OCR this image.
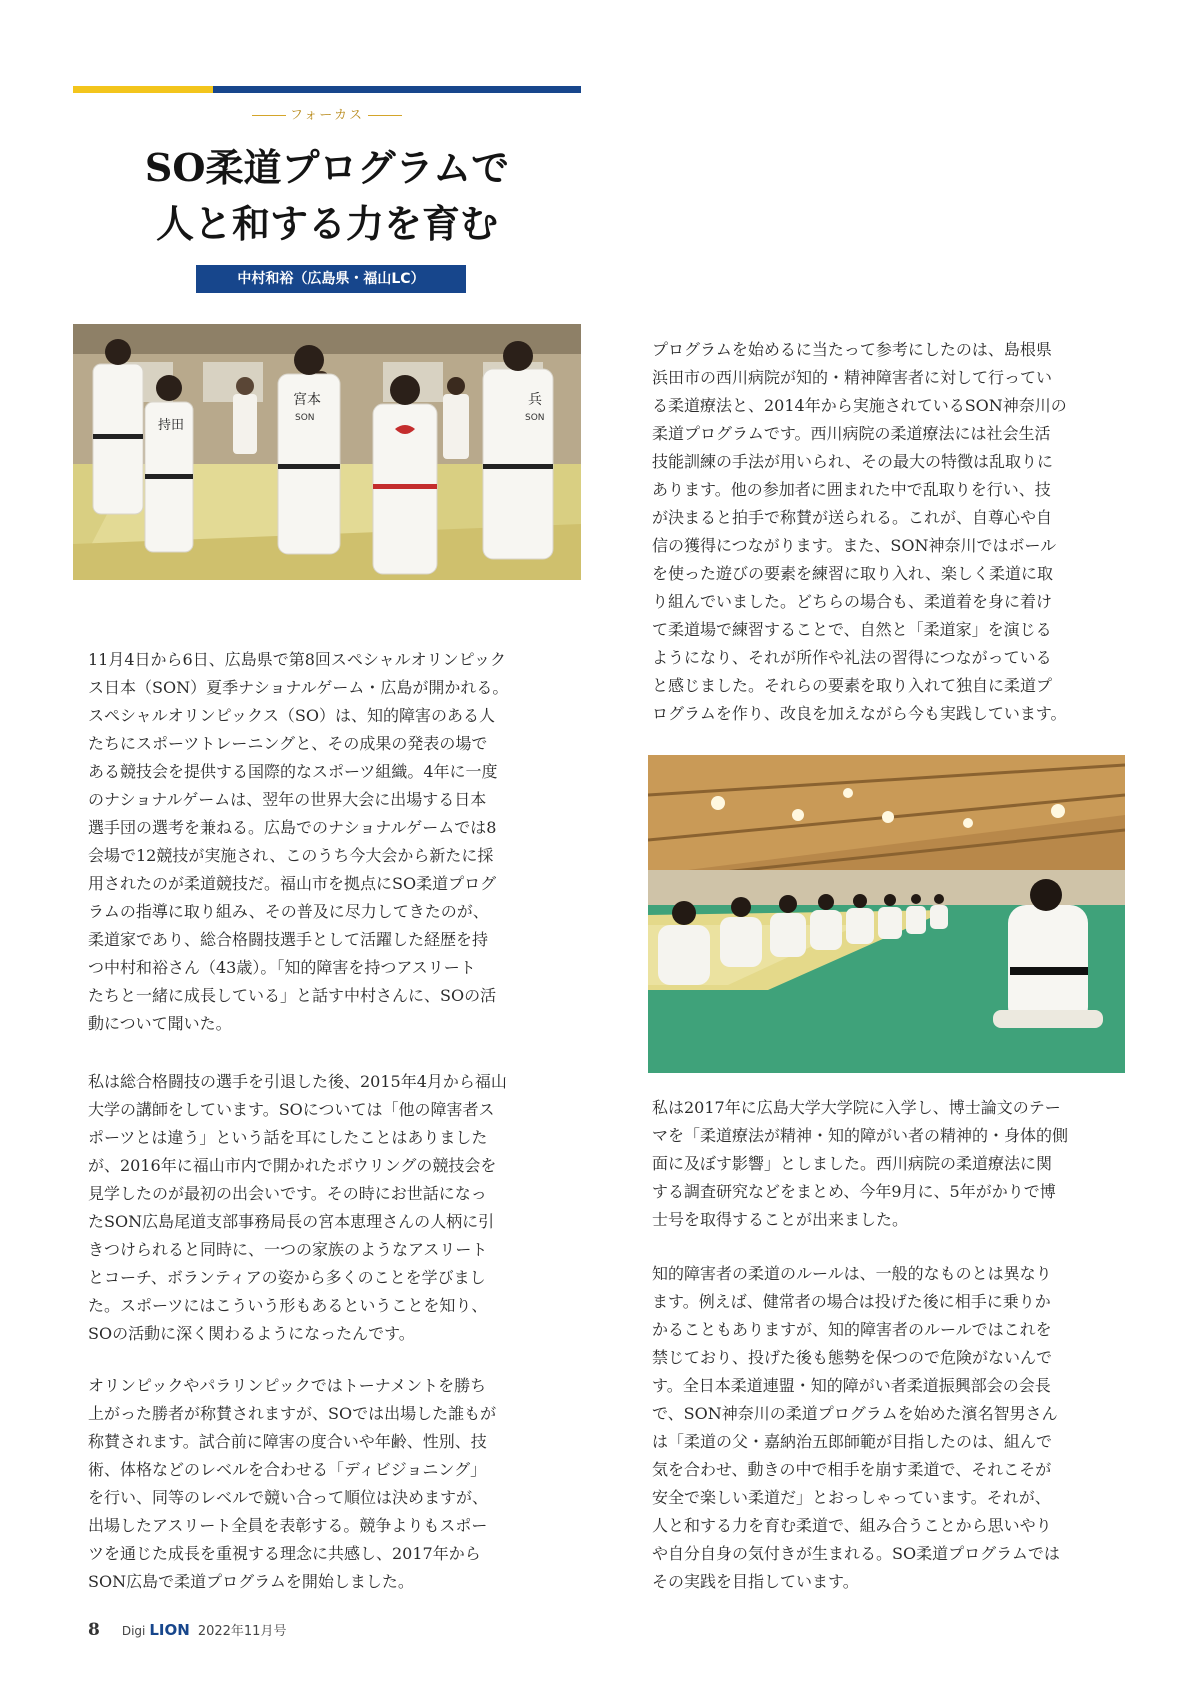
フォーカス
SO柔道プログラムで
人と和する力を育む
中村和裕（広島県・福山LC）
持田
宮本
SON
兵
SON

11月4日から6日、広島県で第8回スペシャルオリンピック
ス日本（SON）夏季ナショナルゲーム・広島が開かれる。
スペシャルオリンピックス（SO）は、知的障害のある人
たちにスポーツトレーニングと、その成果の発表の場で
ある競技会を提供する国際的なスポーツ組織。4年に一度
のナショナルゲームは、翌年の世界大会に出場する日本
選手団の選考を兼ねる。広島でのナショナルゲームでは8
会場で12競技が実施され、このうち今大会から新たに採
用されたのが柔道競技だ。福山市を拠点にSO柔道プログ
ラムの指導に取り組み、その普及に尽力してきたのが、
柔道家であり、総合格闘技選手として活躍した経歴を持
つ中村和裕さん（43歳）。「知的障害を持つアスリート
たちと一緒に成長している」と話す中村さんに、SOの活
動について聞いた。

私は総合格闘技の選手を引退した後、2015年4月から福山
大学の講師をしています。SOについては「他の障害者ス
ポーツとは違う」という話を耳にしたことはありました
が、2016年に福山市内で開かれたボウリングの競技会を
見学したのが最初の出会いです。その時にお世話になっ
たSON広島尾道支部事務局長の宮本恵理さんの人柄に引
きつけられると同時に、一つの家族のようなアスリート
とコーチ、ボランティアの姿から多くのことを学びまし
た。スポーツにはこういう形もあるということを知り、
SOの活動に深く関わるようになったんです。

オリンピックやパラリンピックではトーナメントを勝ち
上がった勝者が称賛されますが、SOでは出場した誰もが
称賛されます。試合前に障害の度合いや年齢、性別、技
術、体格などのレベルを合わせる「ディビジョニング」
を行い、同等のレベルで競い合って順位は決めますが、
出場したアスリート全員を表彰する。競争よりもスポー
ツを通じた成長を重視する理念に共感し、2017年から
SON広島で柔道プログラムを開始しました。

プログラムを始めるに当たって参考にしたのは、島根県
浜田市の西川病院が知的・精神障害者に対して行ってい
る柔道療法と、2014年から実施されているSON神奈川の
柔道プログラムです。西川病院の柔道療法には社会生活
技能訓練の手法が用いられ、その最大の特徴は乱取りに
あります。他の参加者に囲まれた中で乱取りを行い、技
が決まると拍手で称賛が送られる。これが、自尊心や自
信の獲得につながります。また、SON神奈川ではボール
を使った遊びの要素を練習に取り入れ、楽しく柔道に取
り組んでいました。どちらの場合も、柔道着を身に着け
て柔道場で練習することで、自然と「柔道家」を演じる
ようになり、それが所作や礼法の習得につながっている
と感じました。それらの要素を取り入れて独自に柔道プ
ログラムを作り、改良を加えながら今も実践しています。

私は2017年に広島大学大学院に入学し、博士論文のテー
マを「柔道療法が精神・知的障がい者の精神的・身体的側
面に及ぼす影響」としました。西川病院の柔道療法に関
する調査研究などをまとめ、今年9月に、5年がかりで博
士号を取得することが出来ました。

知的障害者の柔道のルールは、一般的なものとは異なり
ます。例えば、健常者の場合は投げた後に相手に乗りか
かることもありますが、知的障害者のルールではこれを
禁じており、投げた後も態勢を保つので危険がないんで
す。全日本柔道連盟・知的障がい者柔道振興部会の会長
で、SON神奈川の柔道プログラムを始めた濱名智男さん
は「柔道の父・嘉納治五郎師範が目指したのは、組んで
気を合わせ、動きの中で相手を崩す柔道で、それこそが
安全で楽しい柔道だ」とおっしゃっています。それが、
人と和する力を育む柔道で、組み合うことから思いやり
や自分自身の気付きが生まれる。SO柔道プログラムでは
その実践を目指しています。

8 Digi LION 2022年11月号
